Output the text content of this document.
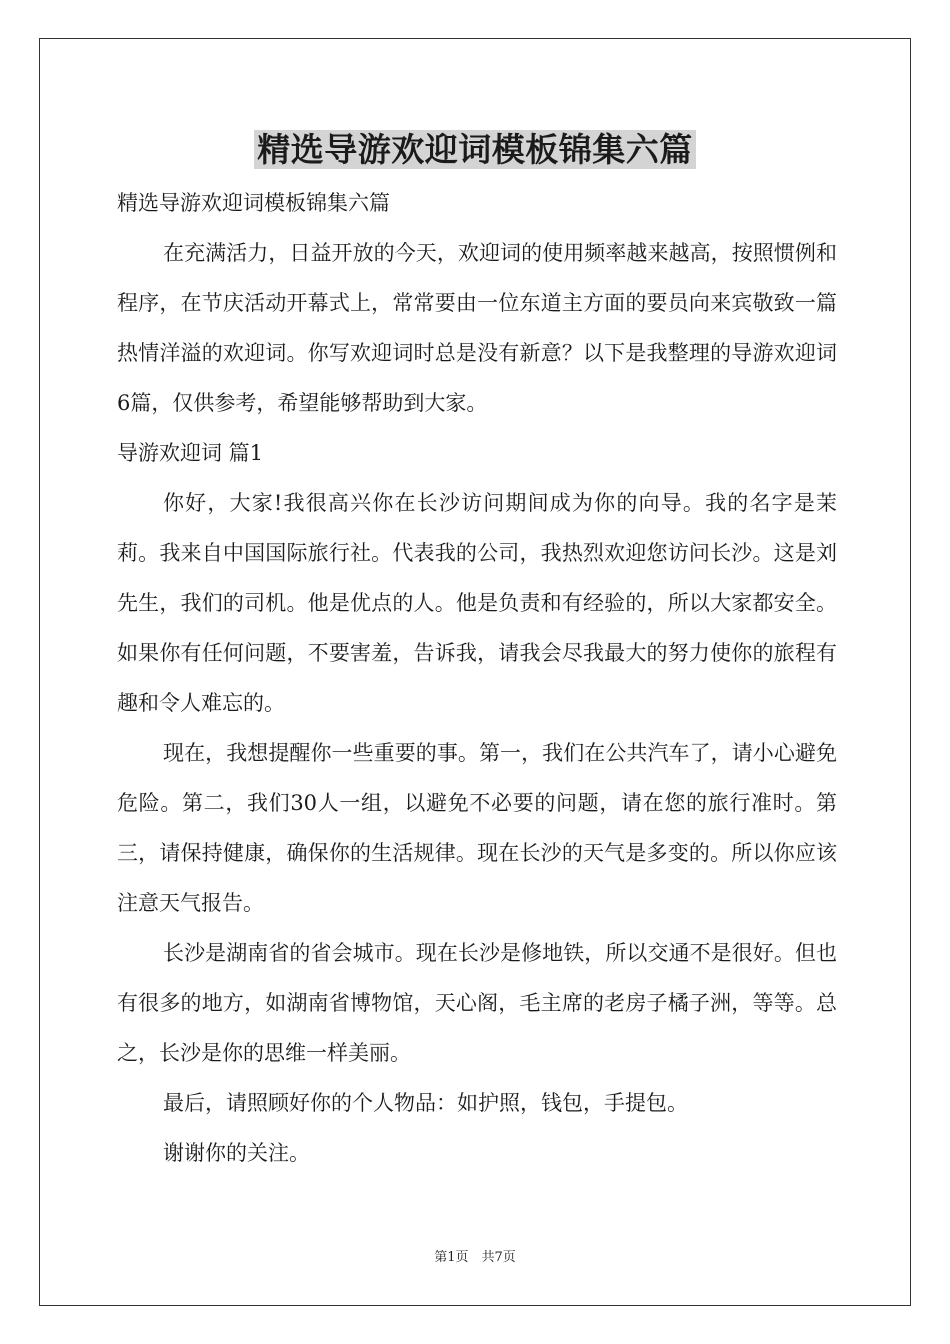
精选导游欢迎词模板锦集六篇

精选导游欢迎词模板锦集六篇

在充满活力，日益开放的今天，欢迎词的使用频率越来越高，按照惯例和程序，在节庆活动开幕式上，常常要由一位东道主方面的要员向来宾敬致一篇热情洋溢的欢迎词。你写欢迎词时总是没有新意？以下是我整理的导游欢迎词6篇，仅供参考，希望能够帮助到大家。

导游欢迎词 篇1

你好，大家!我很高兴你在长沙访问期间成为你的向导。我的名字是茉莉。我来自中国国际旅行社。代表我的公司，我热烈欢迎您访问长沙。这是刘先生，我们的司机。他是优点的人。他是负责和有经验的，所以大家都安全。如果你有任何问题，不要害羞，告诉我，请我会尽我最大的努力使你的旅程有趣和令人难忘的。

现在，我想提醒你一些重要的事。第一，我们在公共汽车了，请小心避免危险。第二，我们30人一组，以避免不必要的问题，请在您的旅行准时。第三，请保持健康，确保你的生活规律。现在长沙的天气是多变的。所以你应该注意天气报告。

长沙是湖南省的省会城市。现在长沙是修地铁，所以交通不是很好。但也有很多的地方，如湖南省博物馆，天心阁，毛主席的老房子橘子洲，等等。总之，长沙是你的思维一样美丽。

最后，请照顾好你的个人物品：如护照，钱包，手提包。

谢谢你的关注。

第1页　共7页
